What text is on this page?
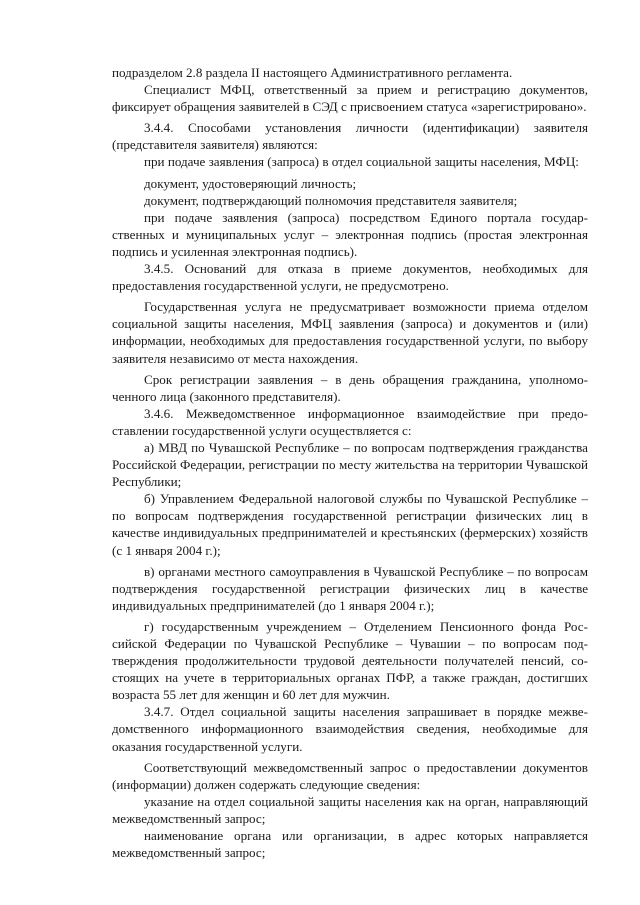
подразделом 2.8 раздела II настоящего Административного регламента.

Специалист МФЦ, ответственный за прием и регистрацию документов, фиксирует обращения заявителей в СЭД с присвоением статуса «зарегистрировано».

3.4.4. Способами установления личности (идентификации) заявителя (представителя заявителя) являются:

при подаче заявления (запроса) в отдел социальной защиты населения, МФЦ:

документ, удостоверяющий личность;

документ, подтверждающий полномочия представителя заявителя;

при подаче заявления (запроса) посредством Единого портала государственных и муниципальных услуг – электронная подпись (простая электронная подпись и усиленная электронная подпись).

3.4.5. Оснований для отказа в приеме документов, необходимых для предоставления государственной услуги, не предусмотрено.

Государственная услуга не предусматривает возможности приема отделом социальной защиты населения, МФЦ заявления (запроса) и документов и (или) информации, необходимых для предоставления государственной услуги, по выбору заявителя независимо от места нахождения.

Срок регистрации заявления – в день обращения гражданина, уполномоченного лица (законного представителя).

3.4.6. Межведомственное информационное взаимодействие при предоставлении государственной услуги осуществляется с:

а) МВД по Чувашской Республике – по вопросам подтверждения гражданства Российской Федерации, регистрации по месту жительства на территории Чувашской Республики;

б) Управлением Федеральной налоговой службы по Чувашской Республике – по вопросам подтверждения государственной регистрации физических лиц в качестве индивидуальных предпринимателей и крестьянских (фермерских) хозяйств (с 1 января 2004 г.);

в) органами местного самоуправления в Чувашской Республике – по вопросам подтверждения государственной регистрации физических лиц в качестве индивидуальных предпринимателей (до 1 января 2004 г.);

г) государственным учреждением – Отделением Пенсионного фонда Российской Федерации по Чувашской Республике – Чувашии – по вопросам подтверждения продолжительности трудовой деятельности получателей пенсий, состоящих на учете в территориальных органах ПФР, а также граждан, достигших возраста 55 лет для женщин и 60 лет для мужчин.

3.4.7. Отдел социальной защиты населения запрашивает в порядке межведомственного информационного взаимодействия сведения, необходимые для оказания государственной услуги.

Соответствующий межведомственный запрос о предоставлении документов (информации) должен содержать следующие сведения:

указание на отдел социальной защиты населения как на орган, направляющий межведомственный запрос;

наименование органа или организации, в адрес которых направляется межведомственный запрос;
